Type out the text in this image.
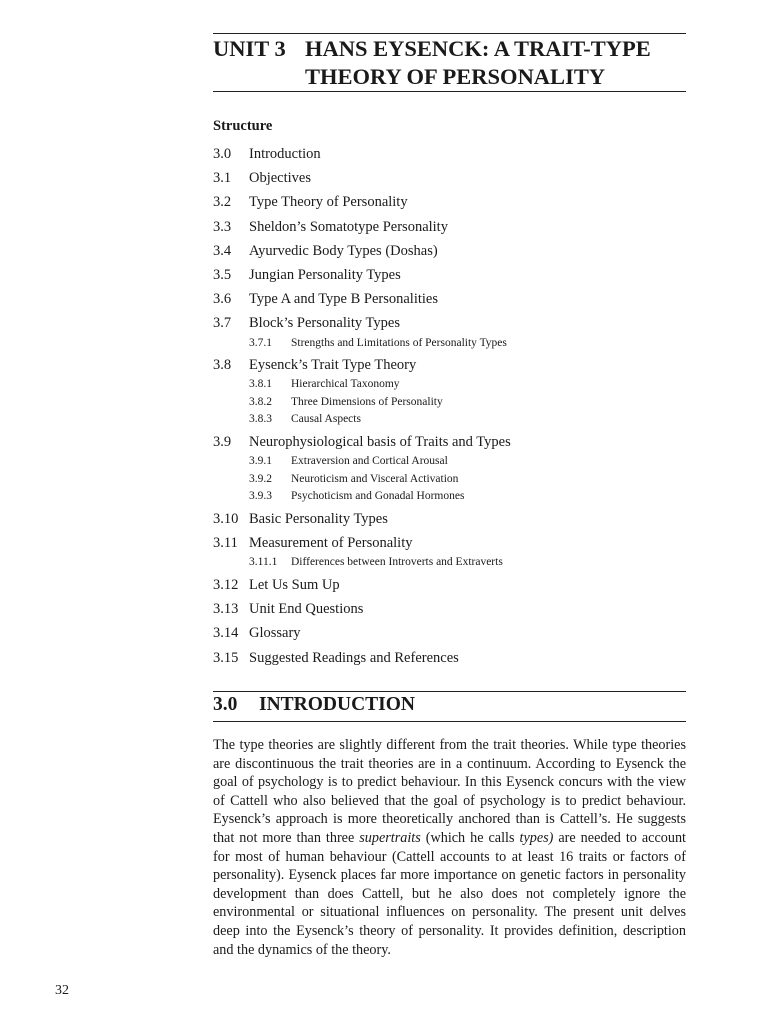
UNIT 3 HANS EYSENCK: A TRAIT-TYPE
THEORY OF PERSONALITY
Structure
3.0	Introduction
3.1	Objectives
3.2	Type Theory of Personality
3.3	Sheldon’s Somatotype Personality
3.4	Ayurvedic Body Types (Doshas)
3.5	Jungian Personality Types
3.6	Type A and Type B Personalities
3.7	Block’s Personality Types
3.7.1	Strengths and Limitations of Personality Types
3.8	Eysenck’s Trait Type Theory
3.8.1	Hierarchical Taxonomy
3.8.2	Three Dimensions of Personality
3.8.3	Causal Aspects
3.9	Neurophysiological basis of Traits and Types
3.9.1	Extraversion and Cortical Arousal
3.9.2	Neuroticism and Visceral Activation
3.9.3	Psychoticism and Gonadal Hormones
3.10 Basic Personality Types
3.11 Measurement of Personality
3.11.1	Differences between Introverts and Extraverts
3.12 Let Us Sum Up
3.13 Unit End Questions
3.14 Glossary
3.15 Suggested Readings and References
3.0	INTRODUCTION

The type theories are slightly different from the trait theories. While type theories are discontinuous the trait theories are in a continuum. According to Eysenck the goal of psychology is to predict behaviour. In this Eysenck concurs with the view of Cattell who also believed that the goal of psychology is to predict behaviour. Eysenck’s approach is more theoretically anchored than is Cattell’s. He suggests that not more than three supertraits (which he calls types) are needed to account for most of human behaviour (Cattell accounts to at least 16 traits or factors of personality). Eysenck places far more importance on genetic factors in personality development than does Cattell, but he also does not completely ignore the environmental or situational influences on personality. The present unit delves deep into the Eysenck’s theory of personality. It provides definition, description and the dynamics of the theory.

32
